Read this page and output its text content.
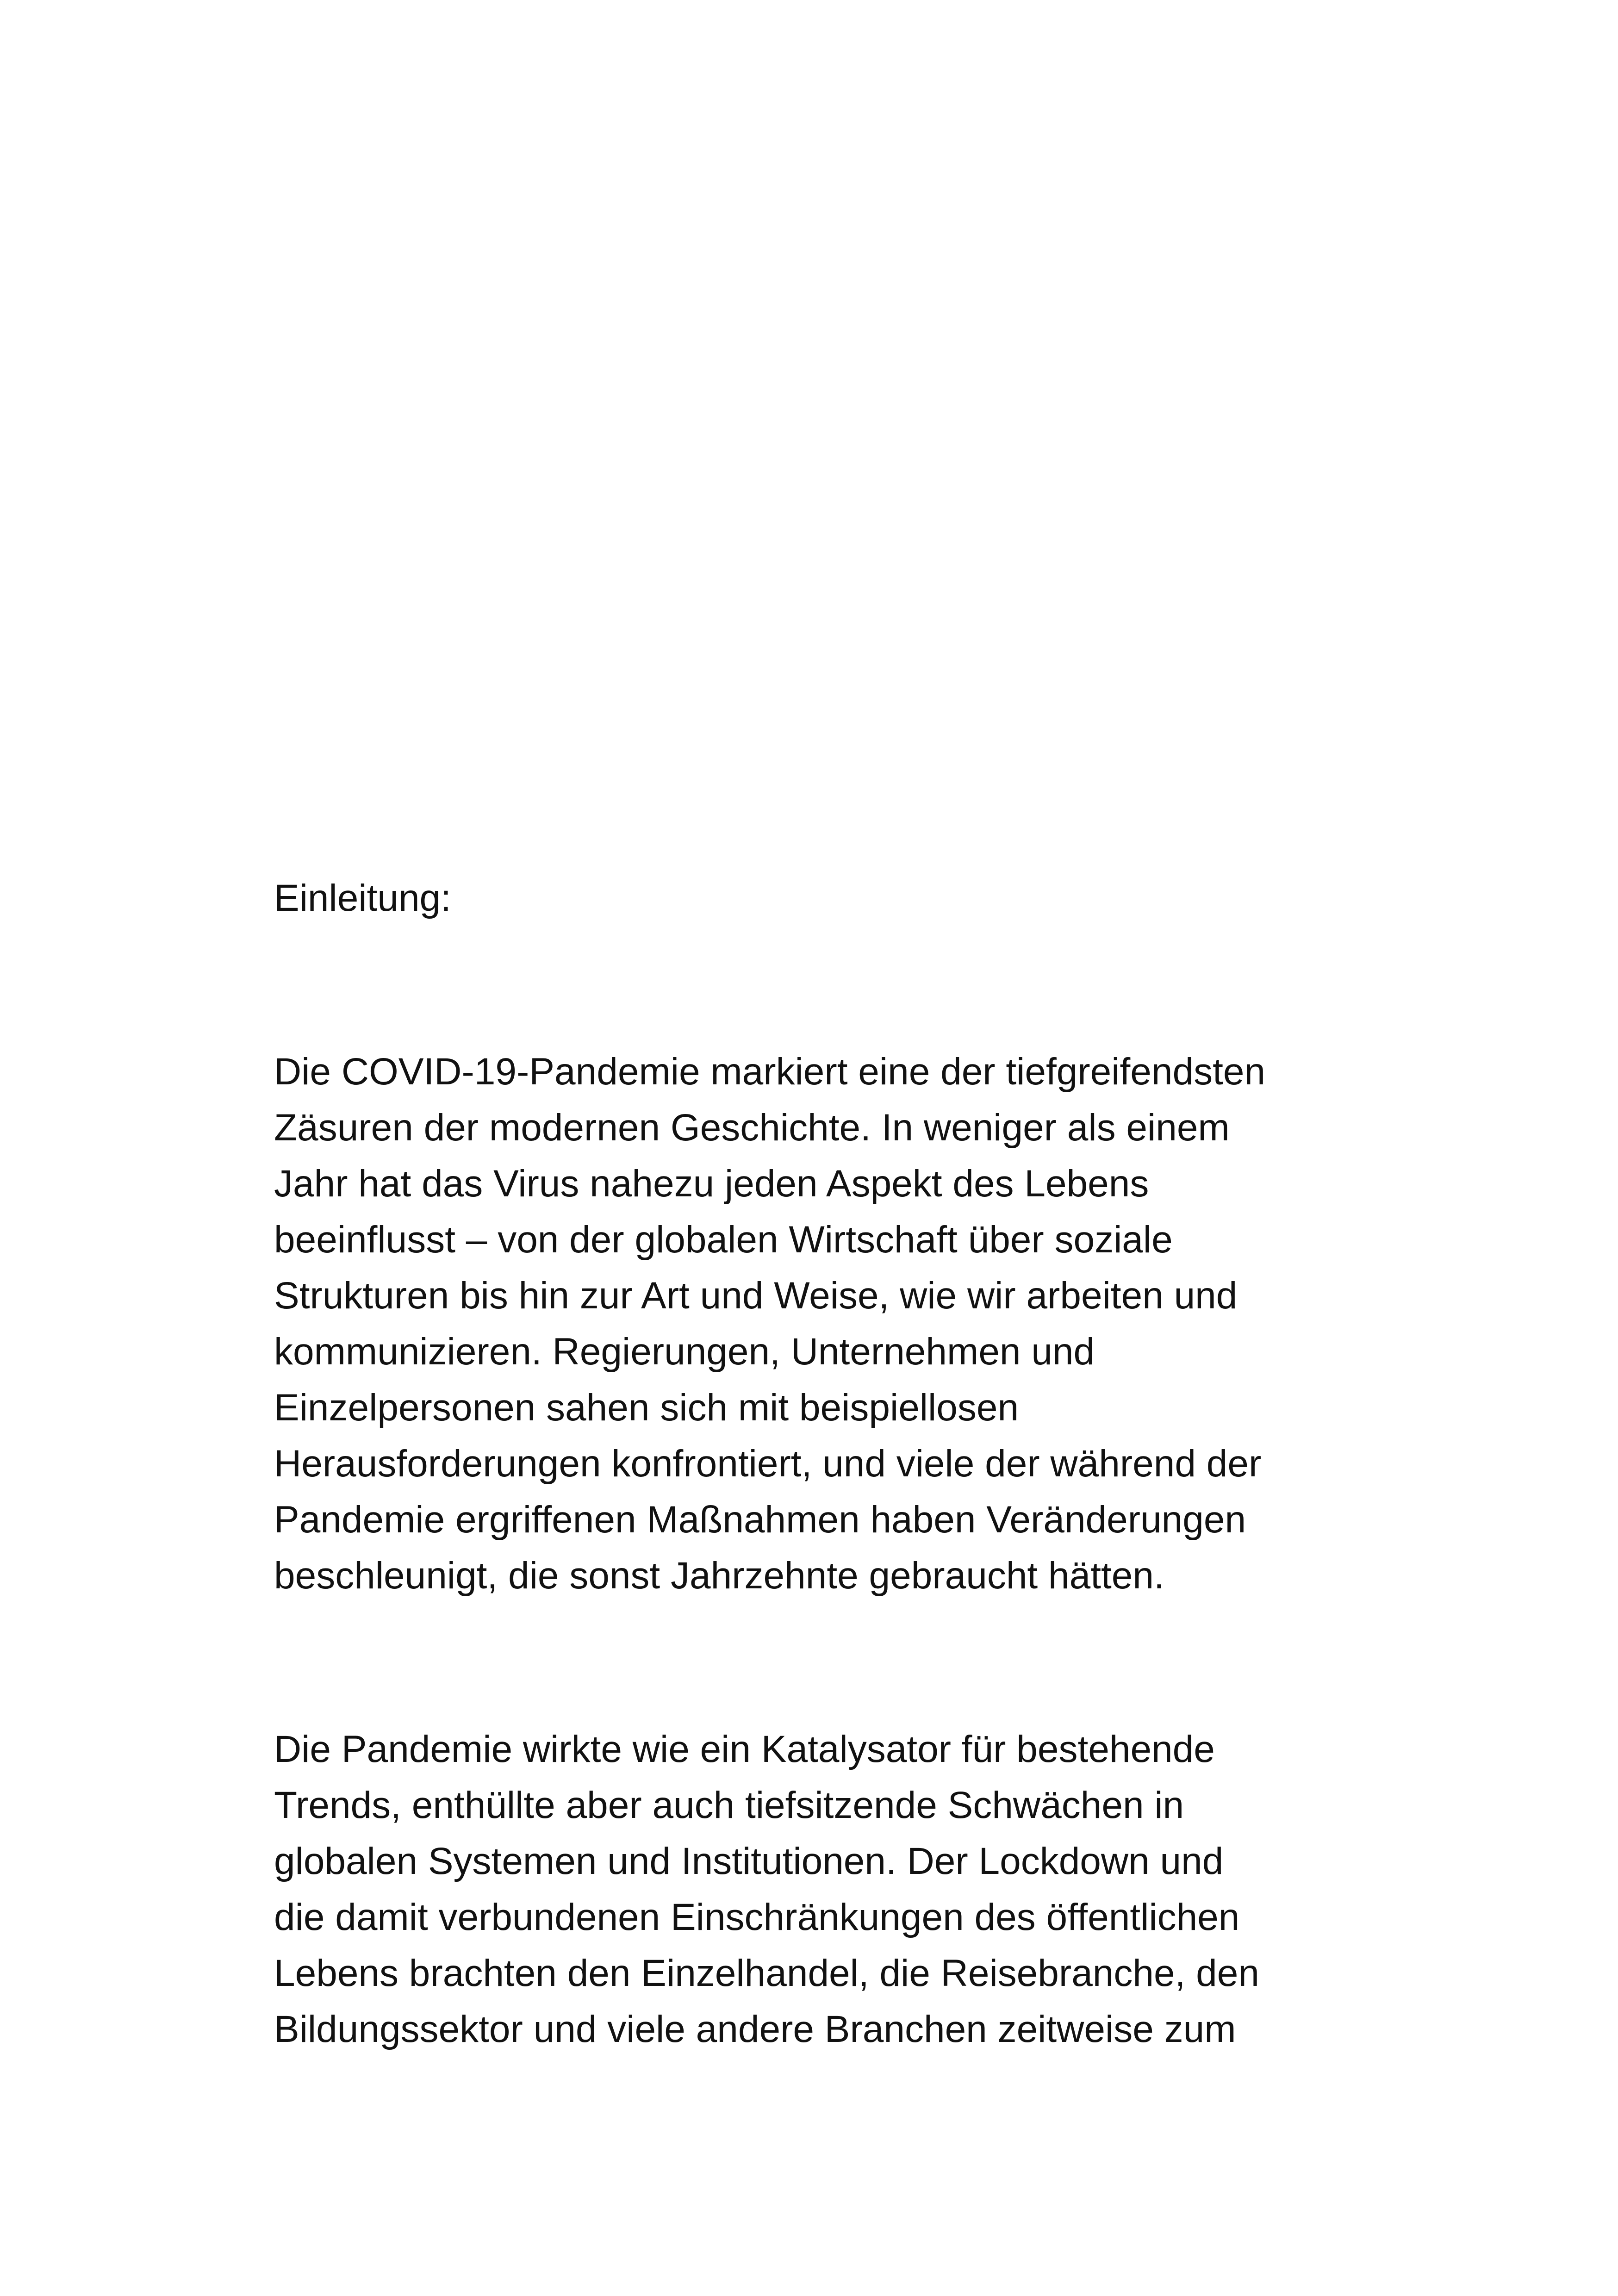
Einleitung:

Die COVID-19-Pandemie markiert eine der tiefgreifendsten
Zäsuren der modernen Geschichte. In weniger als einem
Jahr hat das Virus nahezu jeden Aspekt des Lebens
beeinflusst – von der globalen Wirtschaft über soziale
Strukturen bis hin zur Art und Weise, wie wir arbeiten und
kommunizieren. Regierungen, Unternehmen und
Einzelpersonen sahen sich mit beispiellosen
Herausforderungen konfrontiert, und viele der während der
Pandemie ergriffenen Maßnahmen haben Veränderungen
beschleunigt, die sonst Jahrzehnte gebraucht hätten.

Die Pandemie wirkte wie ein Katalysator für bestehende
Trends, enthüllte aber auch tiefsitzende Schwächen in
globalen Systemen und Institutionen. Der Lockdown und
die damit verbundenen Einschränkungen des öffentlichen
Lebens brachten den Einzelhandel, die Reisebranche, den
Bildungssektor und viele andere Branchen zeitweise zum
